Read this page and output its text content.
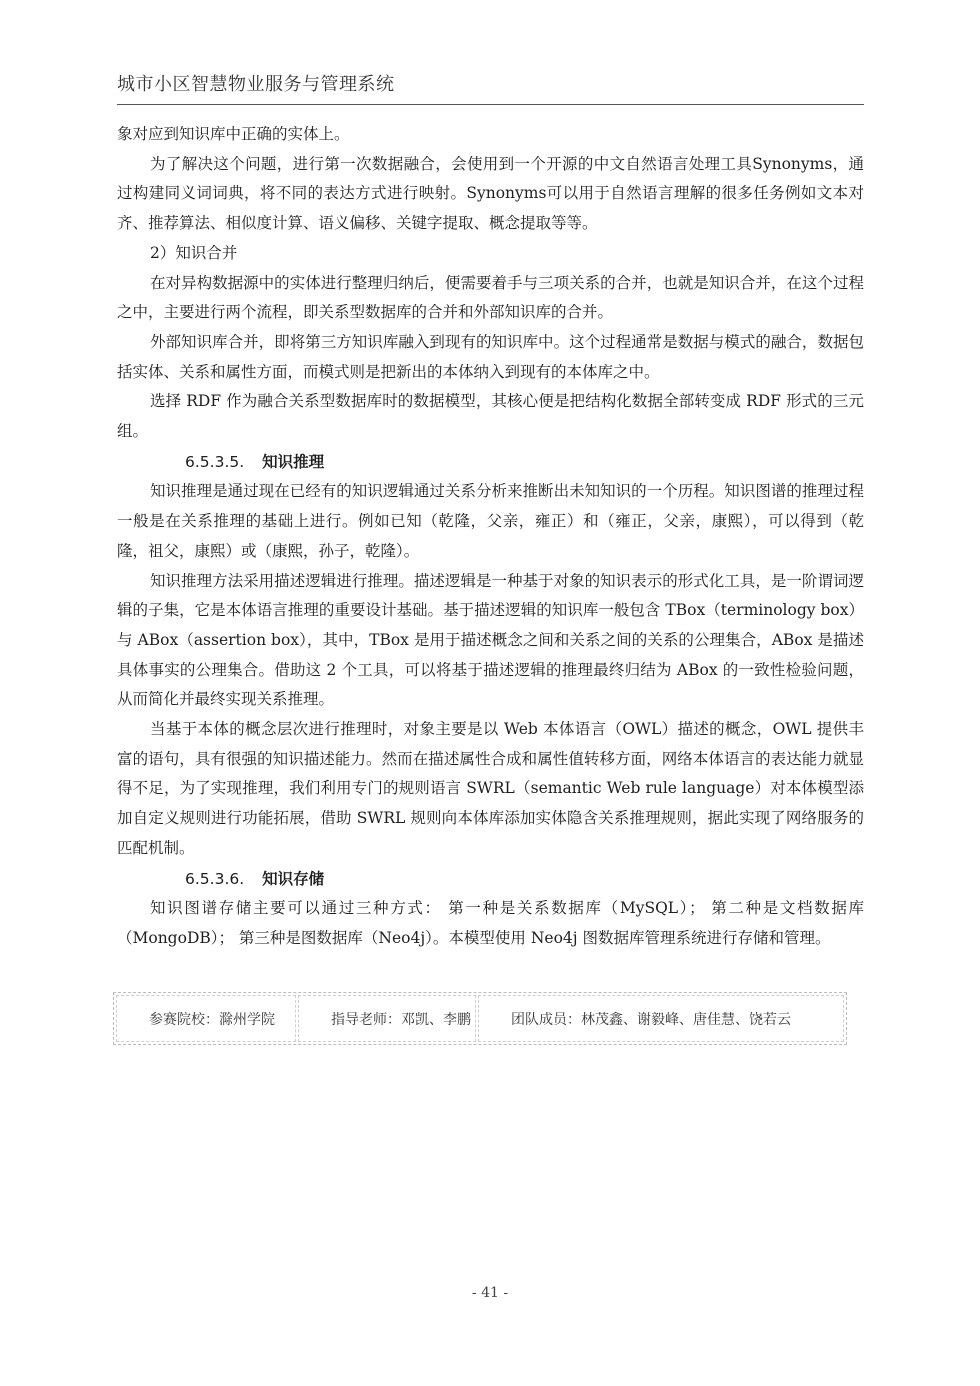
城市小区智慧物业服务与管理系统

象对应到知识库中正确的实体上。

为了解决这个问题，进行第一次数据融合，会使用到一个开源的中文自然语言处理工具Synonyms，通过构建同义词词典，将不同的表达方式进行映射。Synonyms可以用于自然语言理解的很多任务例如文本对齐、推荐算法、相似度计算、语义偏移、关键字提取、概念提取等等。

2）知识合并

在对异构数据源中的实体进行整理归纳后，便需要着手与三项关系的合并，也就是知识合并，在这个过程之中，主要进行两个流程，即关系型数据库的合并和外部知识库的合并。

外部知识库合并，即将第三方知识库融入到现有的知识库中。这个过程通常是数据与模式的融合，数据包括实体、关系和属性方面，而模式则是把新出的本体纳入到现有的本体库之中。

选择 RDF 作为融合关系型数据库时的数据模型，其核心便是把结构化数据全部转变成 RDF 形式的三元组。

6.5.3.5. 知识推理

知识推理是通过现在已经有的知识逻辑通过关系分析来推断出未知知识的一个历程。知识图谱的推理过程一般是在关系推理的基础上进行。例如已知（乾隆，父亲，雍正）和（雍正，父亲，康熙），可以得到（乾隆，祖父，康熙）或（康熙，孙子，乾隆）。

知识推理方法采用描述逻辑进行推理。描述逻辑是一种基于对象的知识表示的形式化工具，是一阶谓词逻辑的子集，它是本体语言推理的重要设计基础。基于描述逻辑的知识库一般包含 TBox（terminology box）与 ABox（assertion box），其中，TBox 是用于描述概念之间和关系之间的关系的公理集合，ABox 是描述具体事实的公理集合。借助这 2 个工具，可以将基于描述逻辑的推理最终归结为 ABox 的一致性检验问题，从而简化并最终实现关系推理。

当基于本体的概念层次进行推理时，对象主要是以 Web 本体语言（OWL）描述的概念，OWL 提供丰富的语句，具有很强的知识描述能力。然而在描述属性合成和属性值转移方面，网络本体语言的表达能力就显得不足，为了实现推理，我们利用专门的规则语言 SWRL（semantic Web rule language）对本体模型添加自定义规则进行功能拓展，借助 SWRL 规则向本体库添加实体隐含关系推理规则，据此实现了网络服务的匹配机制。

6.5.3.6. 知识存储

知识图谱存储主要可以通过三种方式： 第一种是关系数据库（MySQL）； 第二种是文档数据库（MongoDB）； 第三种是图数据库（Neo4j）。本模型使用 Neo4j 图数据库管理系统进行存储和管理。

参赛院校：滁州学院	指导老师：邓凯、李鹏	团队成员：林茂鑫、谢毅峰、唐佳慧、饶若云
- 41 -
